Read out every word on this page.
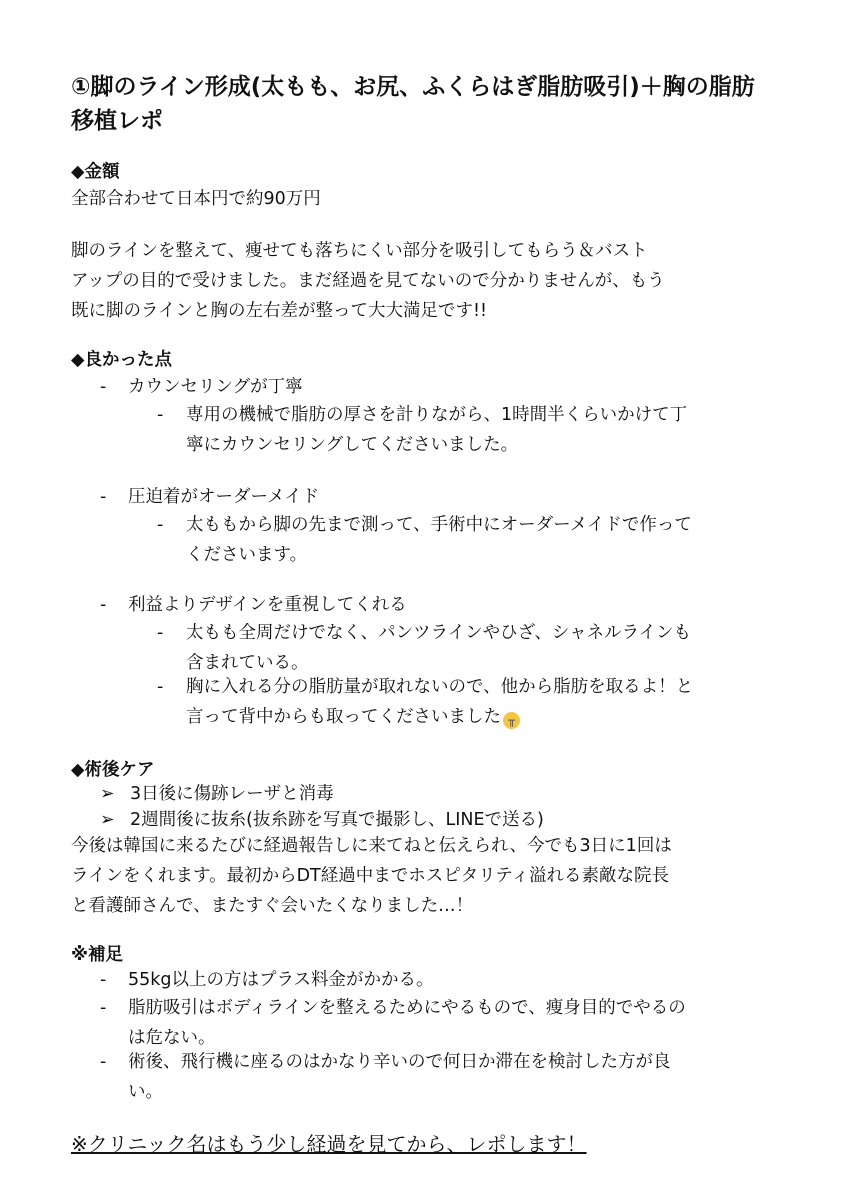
①脚のライン形成(太もも、お尻、ふくらはぎ脂肪吸引)＋胸の脂肪
移植レポ
◆金額
全部合わせて日本円で約90万円
脚のラインを整えて、痩せても落ちにくい部分を吸引してもらう＆バスト
アップの目的で受けました。まだ経過を見てないので分かりませんが、もう
既に脚のラインと胸の左右差が整って大大満足です!!
◆良かった点
- カウンセリングが丁寧
- 専用の機械で脂肪の厚さを計りながら、1時間半くらいかけて丁
寧にカウンセリングしてくださいました。
- 圧迫着がオーダーメイド
- 太ももから脚の先まで測って、手術中にオーダーメイドで作って
くださいます。
- 利益よりデザインを重視してくれる
- 太もも全周だけでなく、パンツラインやひざ、シャネルラインも
含まれている。
- 胸に入れる分の脂肪量が取れないので、他から脂肪を取るよ！と
言って背中からも取ってくださいました ╥
◆術後ケア
➢ 3日後に傷跡レーザと消毒
➢ 2週間後に抜糸(抜糸跡を写真で撮影し、LINEで送る)
今後は韓国に来るたびに経過報告しに来てねと伝えられ、今でも3日に1回は
ラインをくれます。最初からDT経過中までホスピタリティ溢れる素敵な院長
と看護師さんで、またすぐ会いたくなりました…！
※補足
- 55kg以上の方はプラス料金がかかる。
- 脂肪吸引はボディラインを整えるためにやるもので、痩身目的でやるの
は危ない。
- 術後、飛行機に座るのはかなり辛いので何日か滞在を検討した方が良
い。

※クリニック名はもう少し経過を見てから、レポします！
